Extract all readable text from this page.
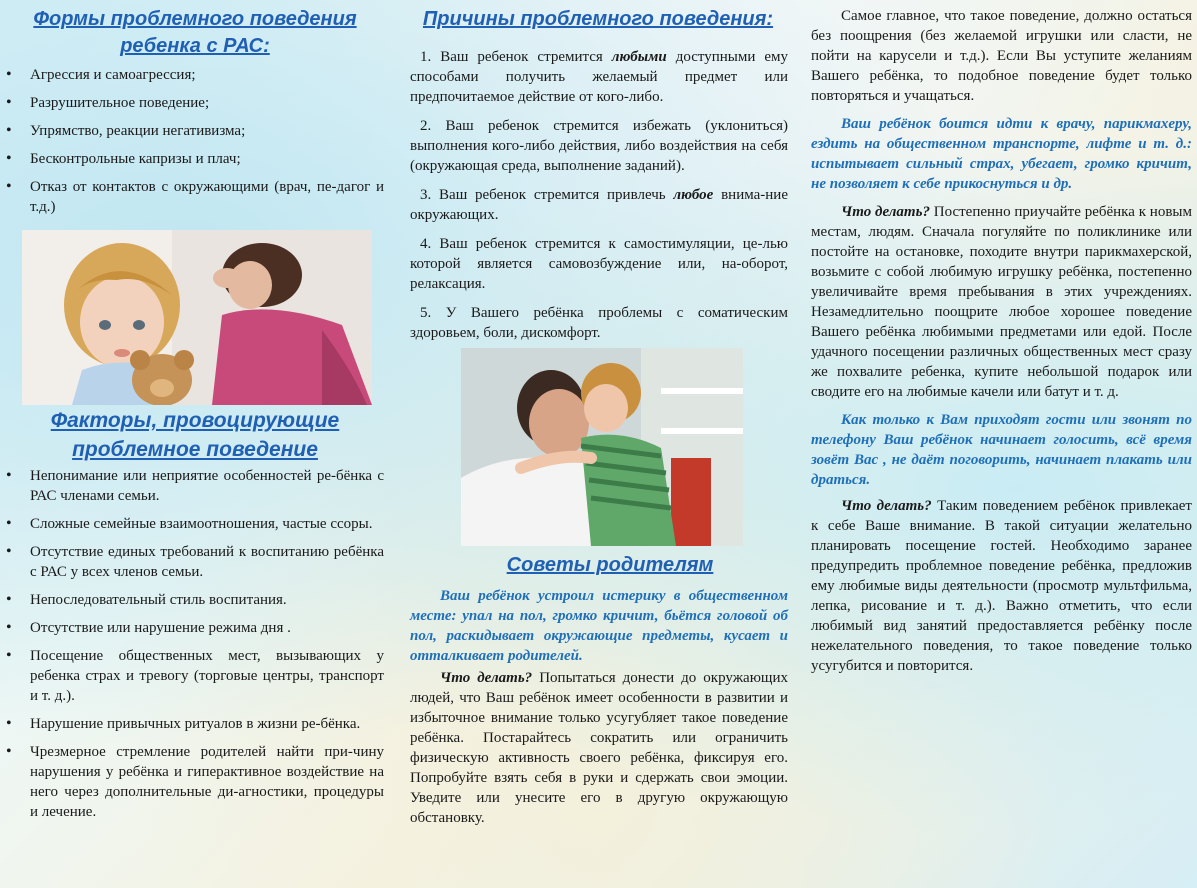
Формы проблемного поведения

ребенка с РАС:

• Агрессия и самоагрессия;
• Разрушительное поведение;
• Упрямство, реакции негативизма;
• Бесконтрольные капризы и плач;
• Отказ от контактов с окружающими (врач, пе-дагог и т.д.)

Факторы, провоцирующие

проблемное поведение

• Непонимание или неприятие особенностей ре-бёнка с РАС членами семьи.
• Сложные семейные взаимоотношения, частые ссоры.
• Отсутствие единых требований к воспитанию ребёнка с РАС у всех членов семьи.
• Непоследовательный стиль воспитания.
• Отсутствие или нарушение режима дня .
• Посещение общественных мест, вызывающих у ребенка страх и тревогу (торговые центры, транспорт и т. д.).
• Нарушение привычных ритуалов в жизни ре-бёнка.
• Чрезмерное стремление родителей найти при-чину нарушения у ребёнка и гиперактивное воздействие на него через дополнительные ди-агностики, процедуры и лечение.

Причины проблемного поведения:

1. Ваш ребенок стремится любыми доступными ему способами получить желаемый предмет или предпочитаемое действие от кого-либо.

2. Ваш ребенок стремится избежать (уклониться) выполнения кого-либо действия, либо воздействия на себя (окружающая среда, выполнение заданий).

3. Ваш ребенок стремится привлечь любое внима-ние окружающих.

4. Ваш ребенок стремится к самостимуляции, це-лью которой является самовозбуждение или, на-оборот, релаксация.

5. У Вашего ребёнка проблемы с соматическим здоровьем, боли, дискомфорт.

Советы родителям

Ваш ребёнок устроил истерику в общественном месте: упал на пол, громко кричит, бьётся головой об пол, раскидывает окружающие предметы, кусает и отталкивает родителей.

Что делать? Попытаться донести до окружающих людей, что Ваш ребёнок имеет особенности в развитии и избыточное внимание только усугубляет такое поведение ребёнка. Постарайтесь сократить или ограничить физическую активность своего ребёнка, фиксируя его. Попробуйте взять себя в руки и сдержать свои эмоции. Уведите или унесите его в другую окружающую обстановку.

Самое главное, что такое поведение, должно остаться без поощрения (без желаемой игрушки или сласти, не пойти на карусели и т.д.). Если Вы уступите желаниям Вашего ребёнка, то подобное поведение будет только повторяться и учащаться.

Ваш ребёнок боится идти к врачу, парикмахеру, ездить на общественном транспорте, лифте и т. д.: испытывает сильный страх, убегает, громко кричит, не позволяет к себе прикоснуться и др.

Что делать? Постепенно приучайте ребёнка к новым местам, людям. Сначала погуляйте по поликлинике или постойте на остановке, походите внутри парикмахерской, возьмите с собой любимую игрушку ребёнка, постепенно увеличивайте время пребывания в этих учреждениях. Незамедлительно поощрите любое хорошее поведение Вашего ребёнка любимыми предметами или едой. После удачного посещении различных общественных мест сразу же похвалите ребенка, купите небольшой подарок или сводите его на любимые качели или батут и т. д.

Как только к Вам приходят гости или звонят по телефону Ваш ребёнок начинает голосить, всё время зовёт Вас , не даёт поговорить, начинает плакать или драться.

Что делать? Таким поведением ребёнок привлекает к себе Ваше внимание. В такой ситуации желательно планировать посещение гостей. Необходимо заранее предупредить проблемное поведение ребёнка, предложив ему любимые виды деятельности (просмотр мультфильма, лепка, рисование и т. д.). Важно отметить, что если любимый вид занятий предоставляется ребёнку после нежелательного поведения, то такое поведение только усугубится и повторится.
